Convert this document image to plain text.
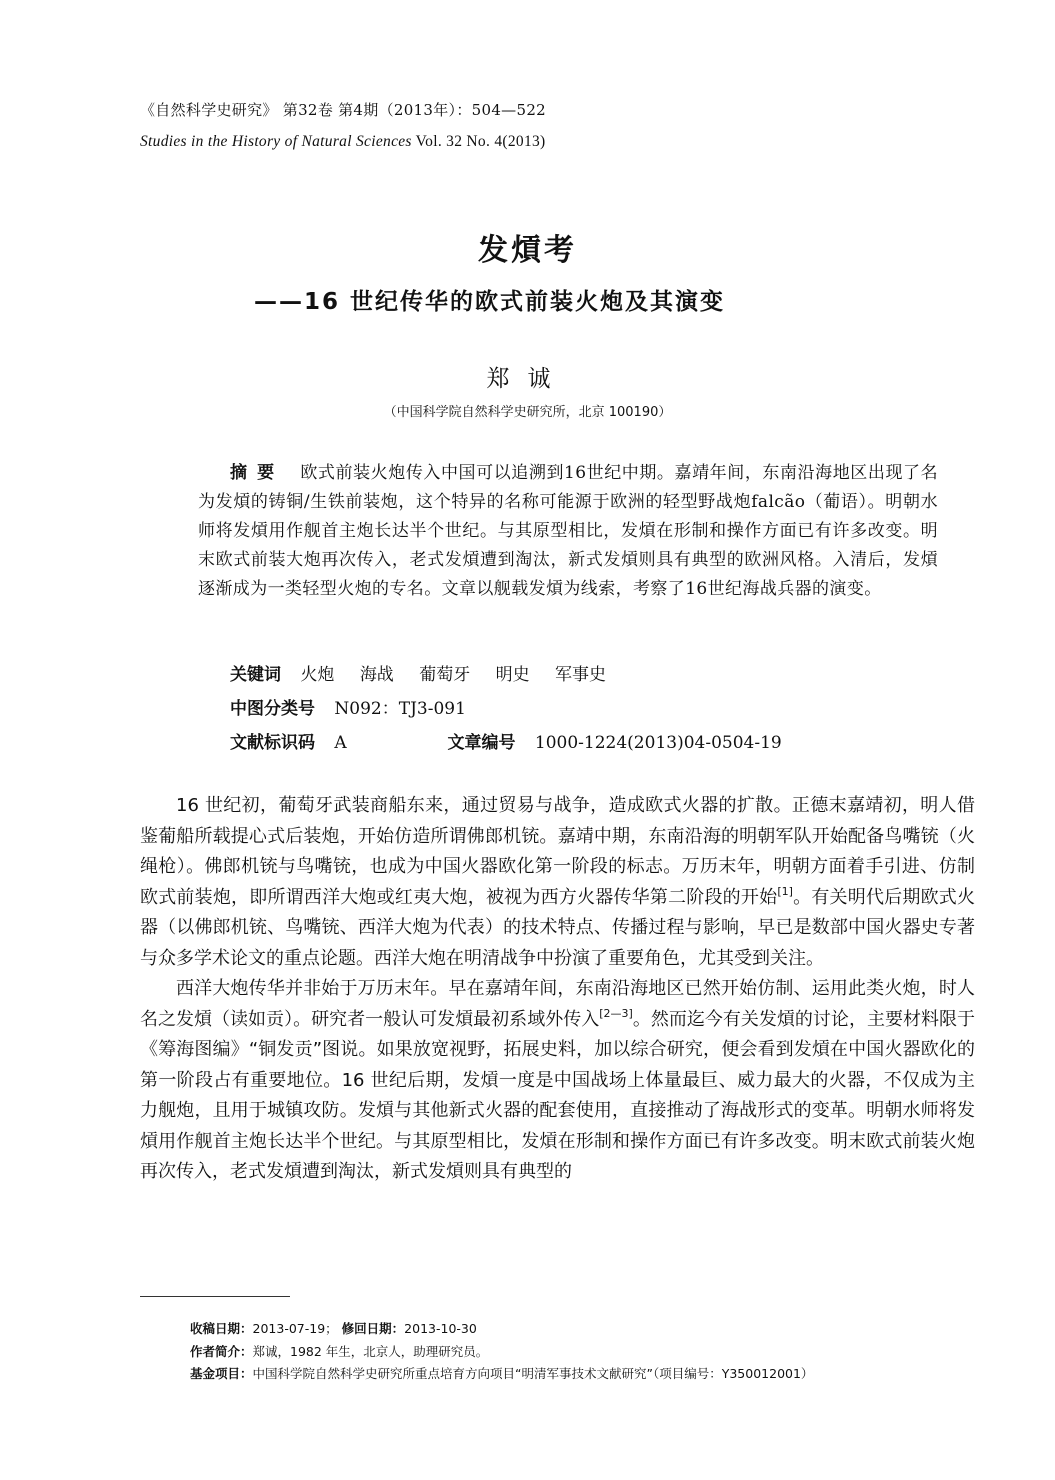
《自然科学史研究》 第32卷 第4期（2013年）：504—522

Studies in the History of Natural Sciences Vol. 32 No. 4(2013)

发熕考
——16 世纪传华的欧式前装火炮及其演变

郑诚

（中国科学院自然科学史研究所，北京 100190）

摘要 欧式前装火炮传入中国可以追溯到16世纪中期。嘉靖年间，东南沿海地区出现了名为发熕的铸铜/生铁前装炮，这个特异的名称可能源于欧洲的轻型野战炮falcão（葡语）。明朝水师将发熕用作舰首主炮长达半个世纪。与其原型相比，发熕在形制和操作方面已有许多改变。明末欧式前装大炮再次传入，老式发熕遭到淘汰，新式发熕则具有典型的欧洲风格。入清后，发熕逐渐成为一类轻型火炮的专名。文章以舰载发熕为线索，考察了16世纪海战兵器的演变。

关键词 火炮 海战 葡萄牙 明史 军事史

中图分类号 N092：TJ3-091

文献标识码 A	文章编号 1000-1224(2013)04-0504-19

16 世纪初，葡萄牙武装商船东来，通过贸易与战争，造成欧式火器的扩散。正德末嘉靖初，明人借鉴葡船所载提心式后装炮，开始仿造所谓佛郎机铳。嘉靖中期，东南沿海的明朝军队开始配备鸟嘴铳（火绳枪）。佛郎机铳与鸟嘴铳，也成为中国火器欧化第一阶段的标志。万历末年，明朝方面着手引进、仿制欧式前装炮，即所谓西洋大炮或红夷大炮，被视为西方火器传华第二阶段的开始[1]。有关明代后期欧式火器（以佛郎机铳、鸟嘴铳、西洋大炮为代表）的技术特点、传播过程与影响，早已是数部中国火器史专著与众多学术论文的重点论题。西洋大炮在明清战争中扮演了重要角色，尤其受到关注。

西洋大炮传华并非始于万历末年。早在嘉靖年间，东南沿海地区已然开始仿制、运用此类火炮，时人名之发熕（读如贡）。研究者一般认可发熕最初系域外传入[2—3]。然而迄今有关发熕的讨论，主要材料限于《筹海图编》“铜发贡”图说。如果放宽视野，拓展史料，加以综合研究，便会看到发熕在中国火器欧化的第一阶段占有重要地位。16 世纪后期，发熕一度是中国战场上体量最巨、威力最大的火器，不仅成为主力舰炮，且用于城镇攻防。发熕与其他新式火器的配套使用，直接推动了海战形式的变革。明朝水师将发熕用作舰首主炮长达半个世纪。与其原型相比，发熕在形制和操作方面已有许多改变。明末欧式前装火炮再次传入，老式发熕遭到淘汰，新式发熕则具有典型的

收稿日期：2013-07-19； 修回日期：2013-10-30
作者简介：郑诚，1982 年生，北京人，助理研究员。
基金项目：中国科学院自然科学史研究所重点培育方向项目“明清军事技术文献研究”（项目编号：Y350012001）
